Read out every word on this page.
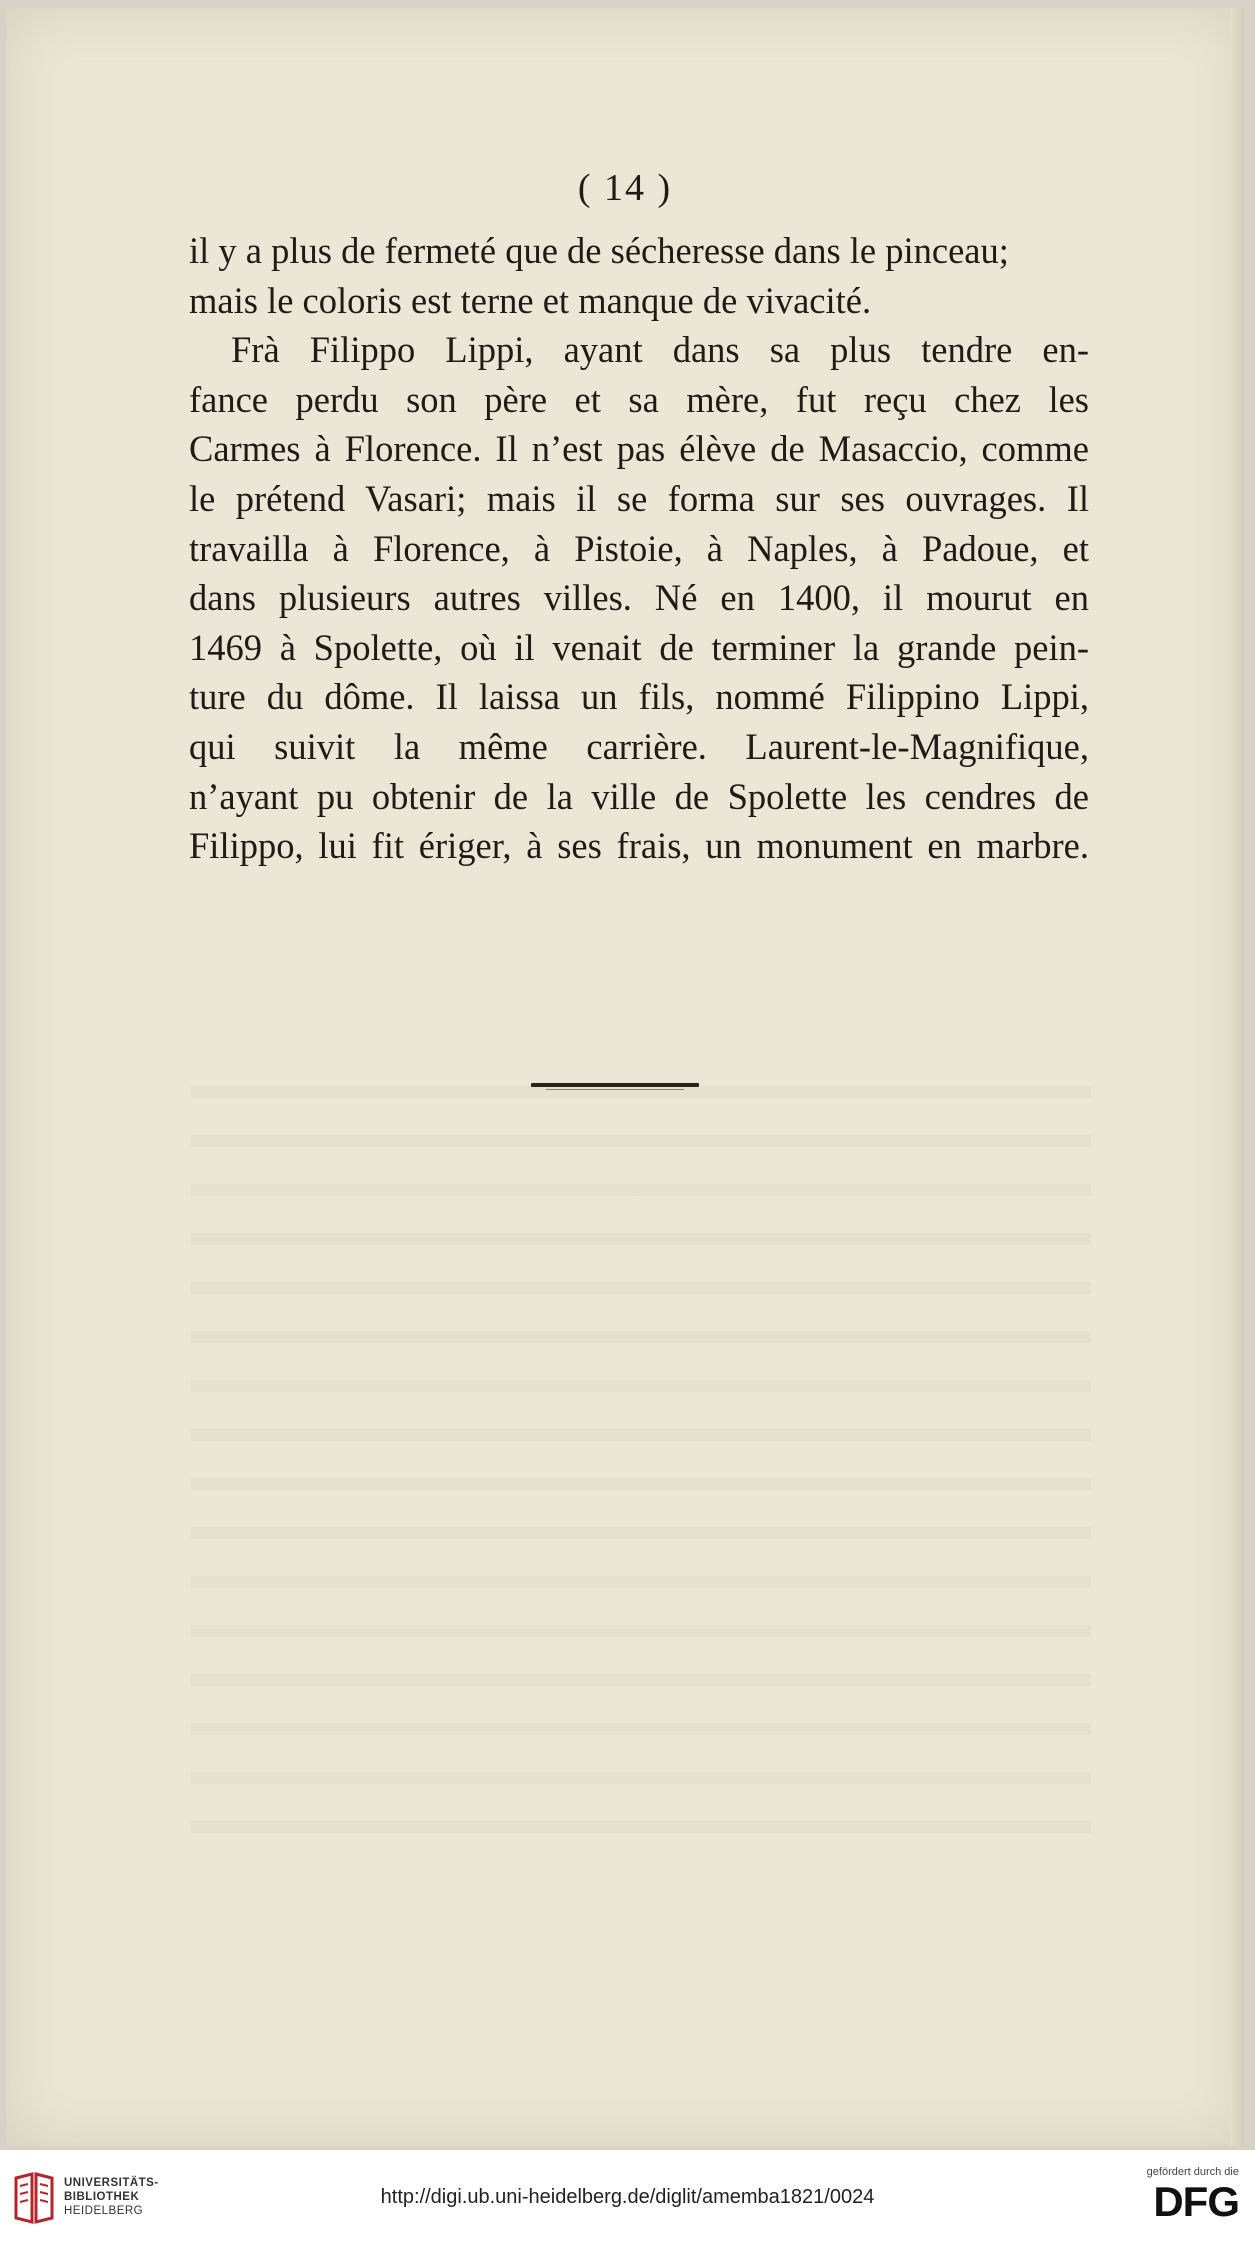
( 14 )

il y a plus de fermeté que de sécheresse dans le pinceau;

mais le coloris est terne et manque de vivacité.

Frà Filippo Lippi, ayant dans sa plus tendre en-

fance perdu son père et sa mère, fut reçu chez les

Carmes à Florence. Il n’est pas élève de Masaccio, comme

le prétend Vasari; mais il se forma sur ses ouvrages. Il

travailla à Florence, à Pistoie, à Naples, à Padoue, et

dans plusieurs autres villes. Né en 1400, il mourut en

1469 à Spolette, où il venait de terminer la grande pein-

ture du dôme. Il laissa un fils, nommé Filippino Lippi,

qui suivit la même carrière. Laurent-le-Magnifique,

n’ayant pu obtenir de la ville de Spolette les cendres de

Filippo, lui fit ériger, à ses frais, un monument en marbre.

UNIVERSITÄTS-
BIBLIOTHEK
HEIDELBERG
http://digi.ub.uni-heidelberg.de/diglit/amemba1821/0024
gefördert durch die
DFG
